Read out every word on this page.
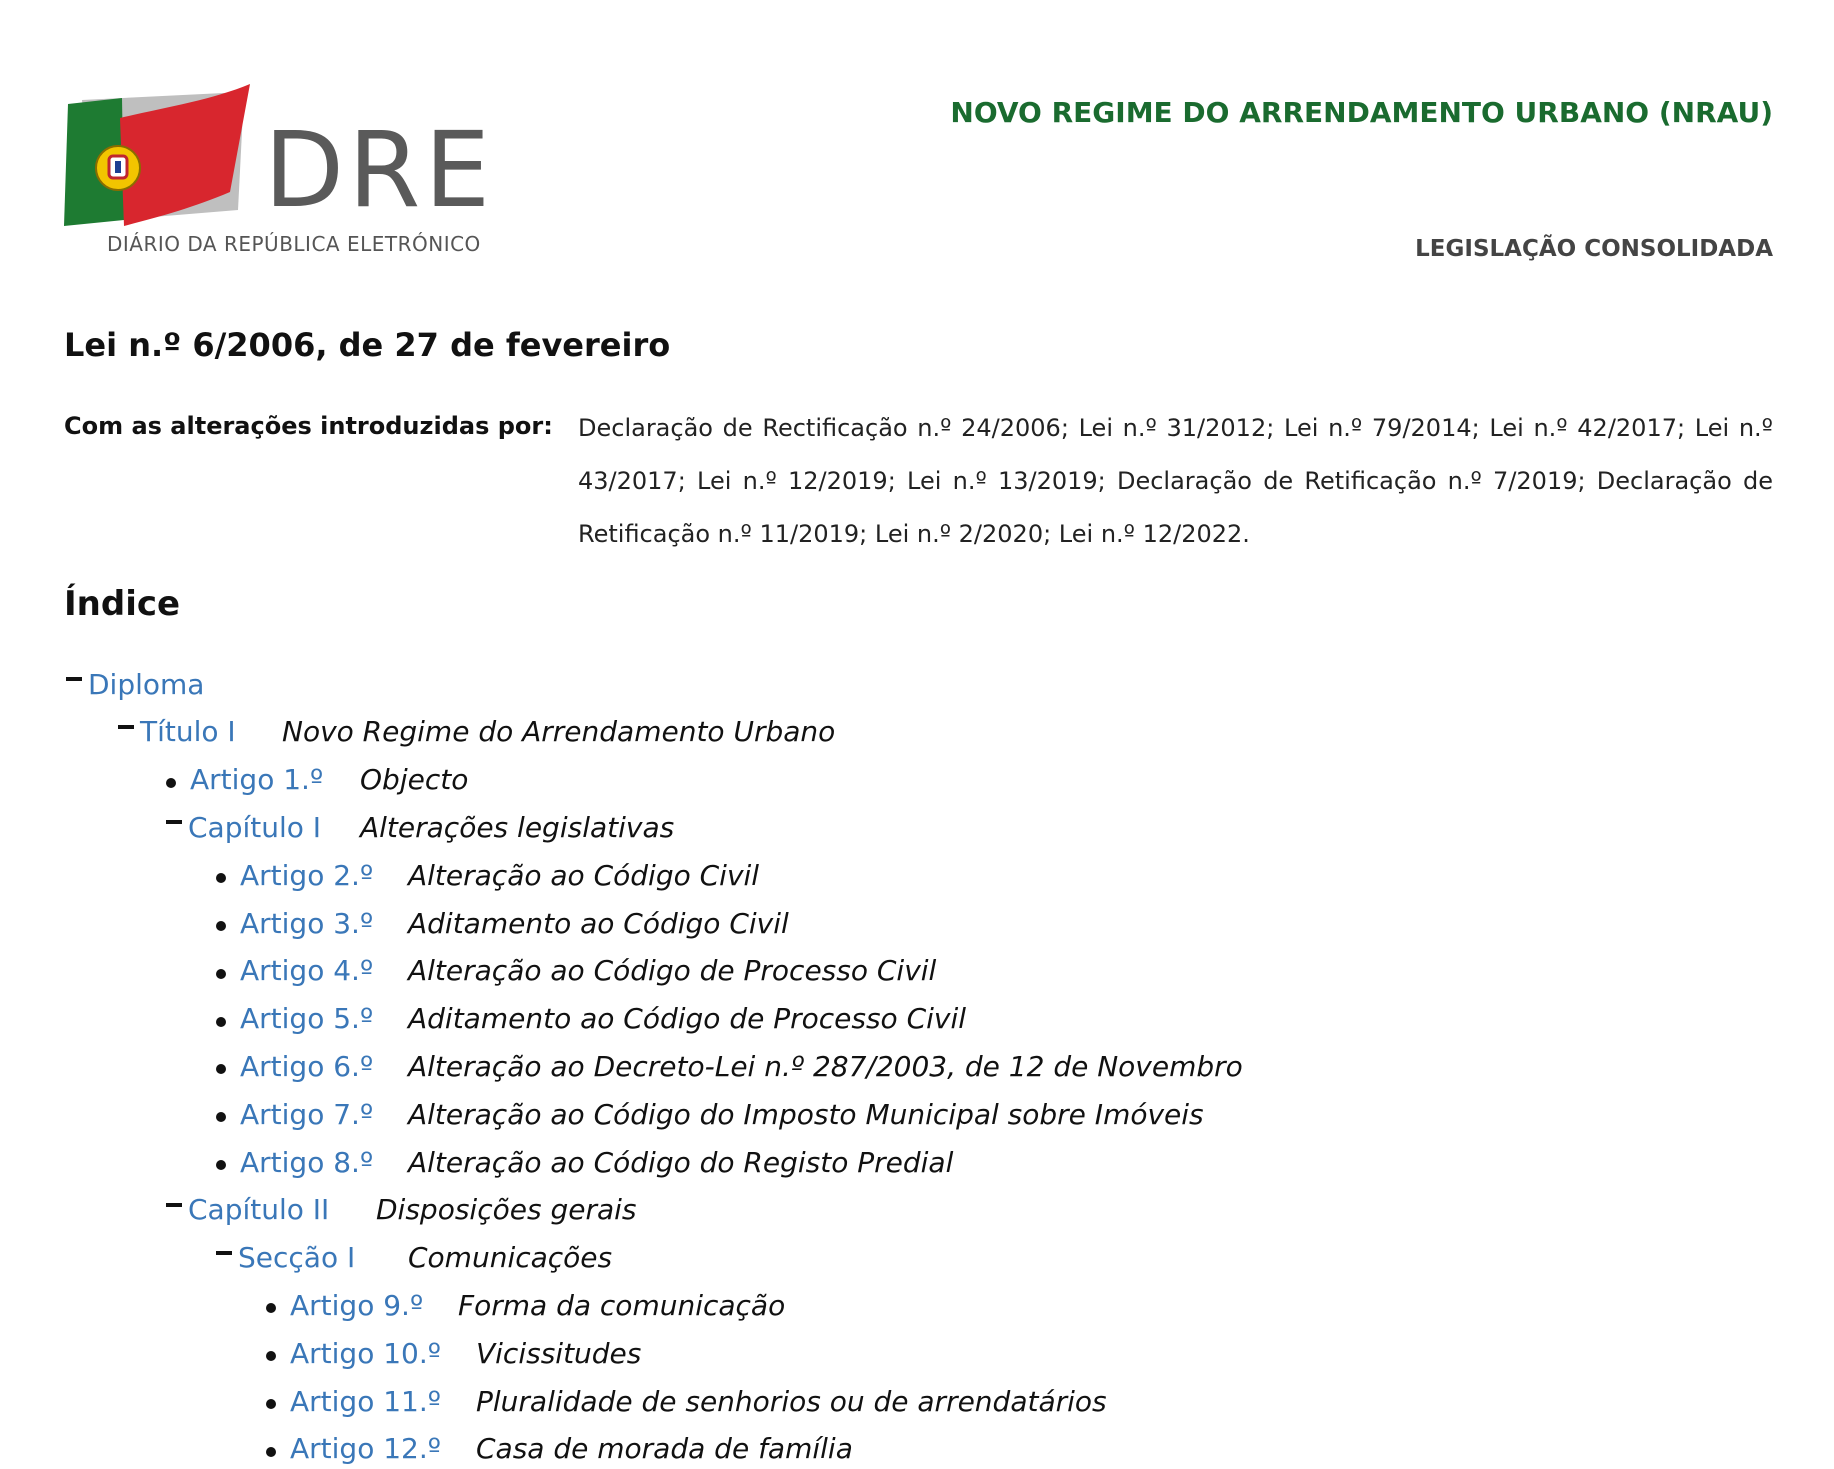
DRE
DIÁRIO DA REPÚBLICA ELETRÓNICO
NOVO REGIME DO ARRENDAMENTO URBANO (NRAU)
LEGISLAÇÃO CONSOLIDADA
Lei n.º 6/2006, de 27 de fevereiro
Com as alterações introduzidas por: Declaração de Rectificação n.º 24/2006; Lei n.º 31/2012; Lei n.º 79/2014; Lei n.º 42/2017; Lei n.º 43/2017; Lei n.º 12/2019; Lei n.º 13/2019; Declaração de Retificação n.º 7/2019; Declaração de Retificação n.º 11/2019; Lei n.º 2/2020; Lei n.º 12/2022.
Índice
Diploma
Título I Novo Regime do Arrendamento Urbano
Artigo 1.º Objecto
Capítulo I Alterações legislativas
Artigo 2.º Alteração ao Código Civil
Artigo 3.º Aditamento ao Código Civil
Artigo 4.º Alteração ao Código de Processo Civil
Artigo 5.º Aditamento ao Código de Processo Civil
Artigo 6.º Alteração ao Decreto-Lei n.º 287/2003, de 12 de Novembro
Artigo 7.º Alteração ao Código do Imposto Municipal sobre Imóveis
Artigo 8.º Alteração ao Código do Registo Predial
Capítulo II Disposições gerais
Secção I Comunicações
Artigo 9.º Forma da comunicação
Artigo 10.º Vicissitudes
Artigo 11.º Pluralidade de senhorios ou de arrendatários
Artigo 12.º Casa de morada de família
